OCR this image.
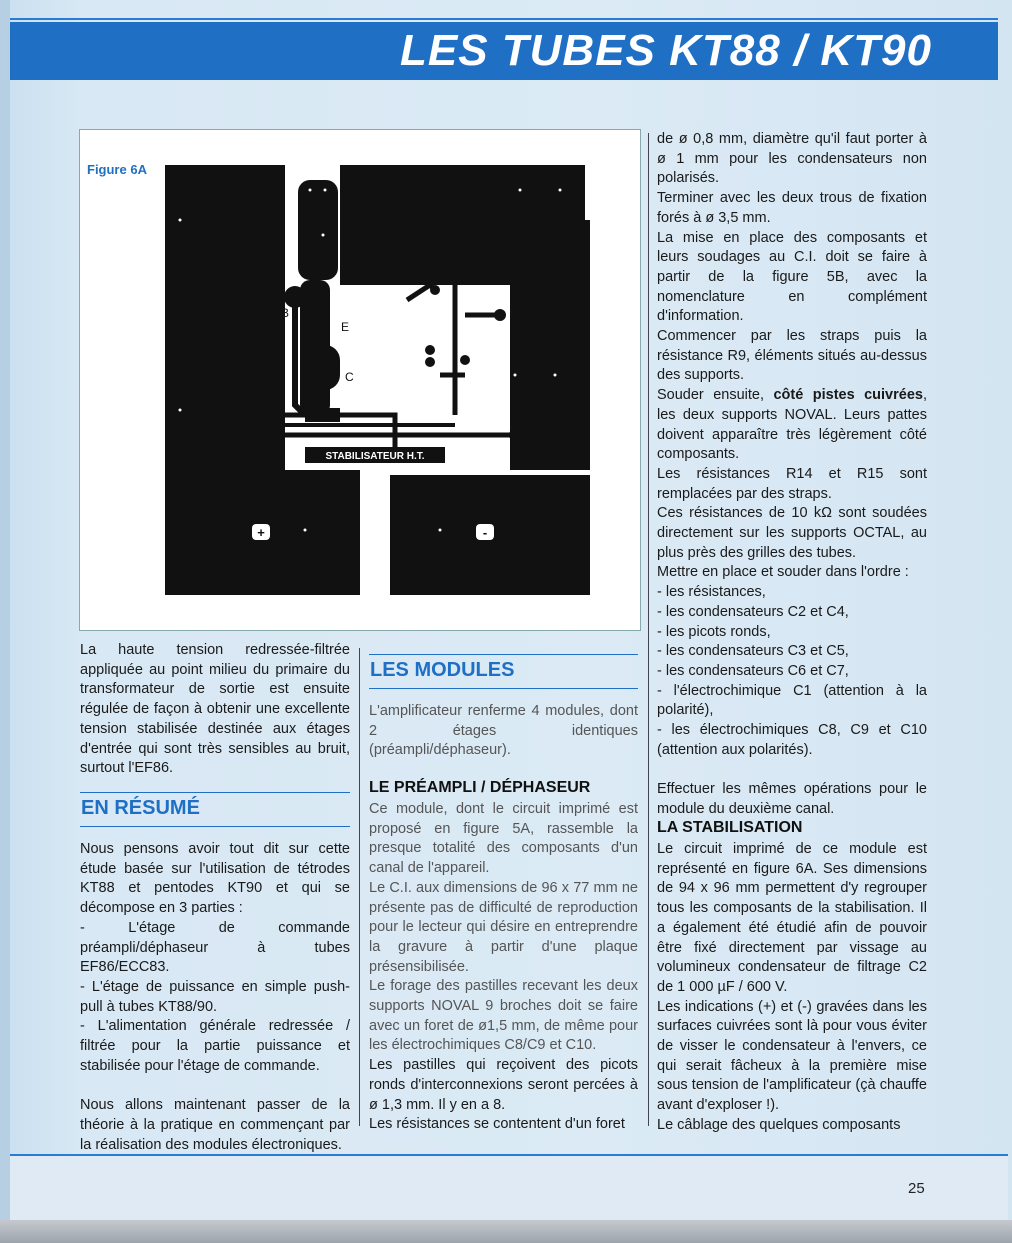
LES TUBES KT88 / KT90
Figure 6A
STABILISATEUR H.T.
B
E
C
+	-

La haute tension redressée-filtrée appliquée au point milieu du primaire du transformateur de sortie est ensuite régulée de façon à obtenir une excellente tension stabilisée destinée aux étages d'entrée qui sont très sensibles au bruit, surtout l'EF86.

EN RÉSUMÉ

Nous pensons avoir tout dit sur cette étude basée sur l'utilisation de tétrodes KT88 et pentodes KT90 et qui se décompose en 3 parties :

- L'étage de commande préampli/déphaseur à tubes EF86/ECC83.

- L'étage de puissance en simple push-pull à tubes KT88/90.

- L'alimentation générale redressée / filtrée pour la partie puissance et stabilisée pour l'étage de commande.

Nous allons maintenant passer de la théorie à la pratique en commençant par la réalisation des modules électroniques.

LES MODULES

L'amplificateur renferme 4 modules, dont 2 étages identiques (préampli/déphaseur).

LE PRÉAMPLI / DÉPHASEUR

Ce module, dont le circuit imprimé est proposé en figure 5A, rassemble la presque totalité des composants d'un canal de l'appareil.

Le C.I. aux dimensions de 96 x 77 mm ne présente pas de difficulté de reproduction pour le lecteur qui désire en entreprendre la gravure à partir d'une plaque présensibilisée.

Le forage des pastilles recevant les deux supports NOVAL 9 broches doit se faire avec un foret de ø1,5 mm, de même pour les électrochimiques C8/C9 et C10.

Les pastilles qui reçoivent des picots ronds d'interconnexions seront percées à ø 1,3 mm. Il y en a 8.

Les résistances se contentent d'un foret

de ø 0,8 mm, diamètre qu'il faut porter à ø 1 mm pour les condensateurs non polarisés.

Terminer avec les deux trous de fixation forés à ø 3,5 mm.

La mise en place des composants et leurs soudages au C.I. doit se faire à partir de la figure 5B, avec la nomenclature en complément d'information.

Commencer par les straps puis la résistance R9, éléments situés au-dessus des supports.

Souder ensuite, côté pistes cuivrées, les deux supports NOVAL. Leurs pattes doivent apparaître très légèrement côté composants.

Les résistances R14 et R15 sont remplacées par des straps.

Ces résistances de 10 kΩ sont soudées directement sur les supports OCTAL, au plus près des grilles des tubes.

Mettre en place et souder dans l'ordre :

- les résistances,

- les condensateurs C2 et C4,

- les picots ronds,

- les condensateurs C3 et C5,

- les condensateurs C6 et C7,

- l'électrochimique C1 (attention à la polarité),

- les électrochimiques C8, C9 et C10 (attention aux polarités).

Effectuer les mêmes opérations pour le module du deuxième canal.

LA STABILISATION

Le circuit imprimé de ce module est représenté en figure 6A. Ses dimensions de 94 x 96 mm permettent d'y regrouper tous les composants de la stabilisation. Il a également été étudié afin de pouvoir être fixé directement par vissage au volumineux condensateur de filtrage C2 de 1 000 µF / 600 V.

Les indications (+) et (-) gravées dans les surfaces cuivrées sont là pour vous éviter de visser le condensateur à l'envers, ce qui serait fâcheux à la première mise sous tension de l'amplificateur (çà chauffe avant d'exploser !).

Le câblage des quelques composants

25
